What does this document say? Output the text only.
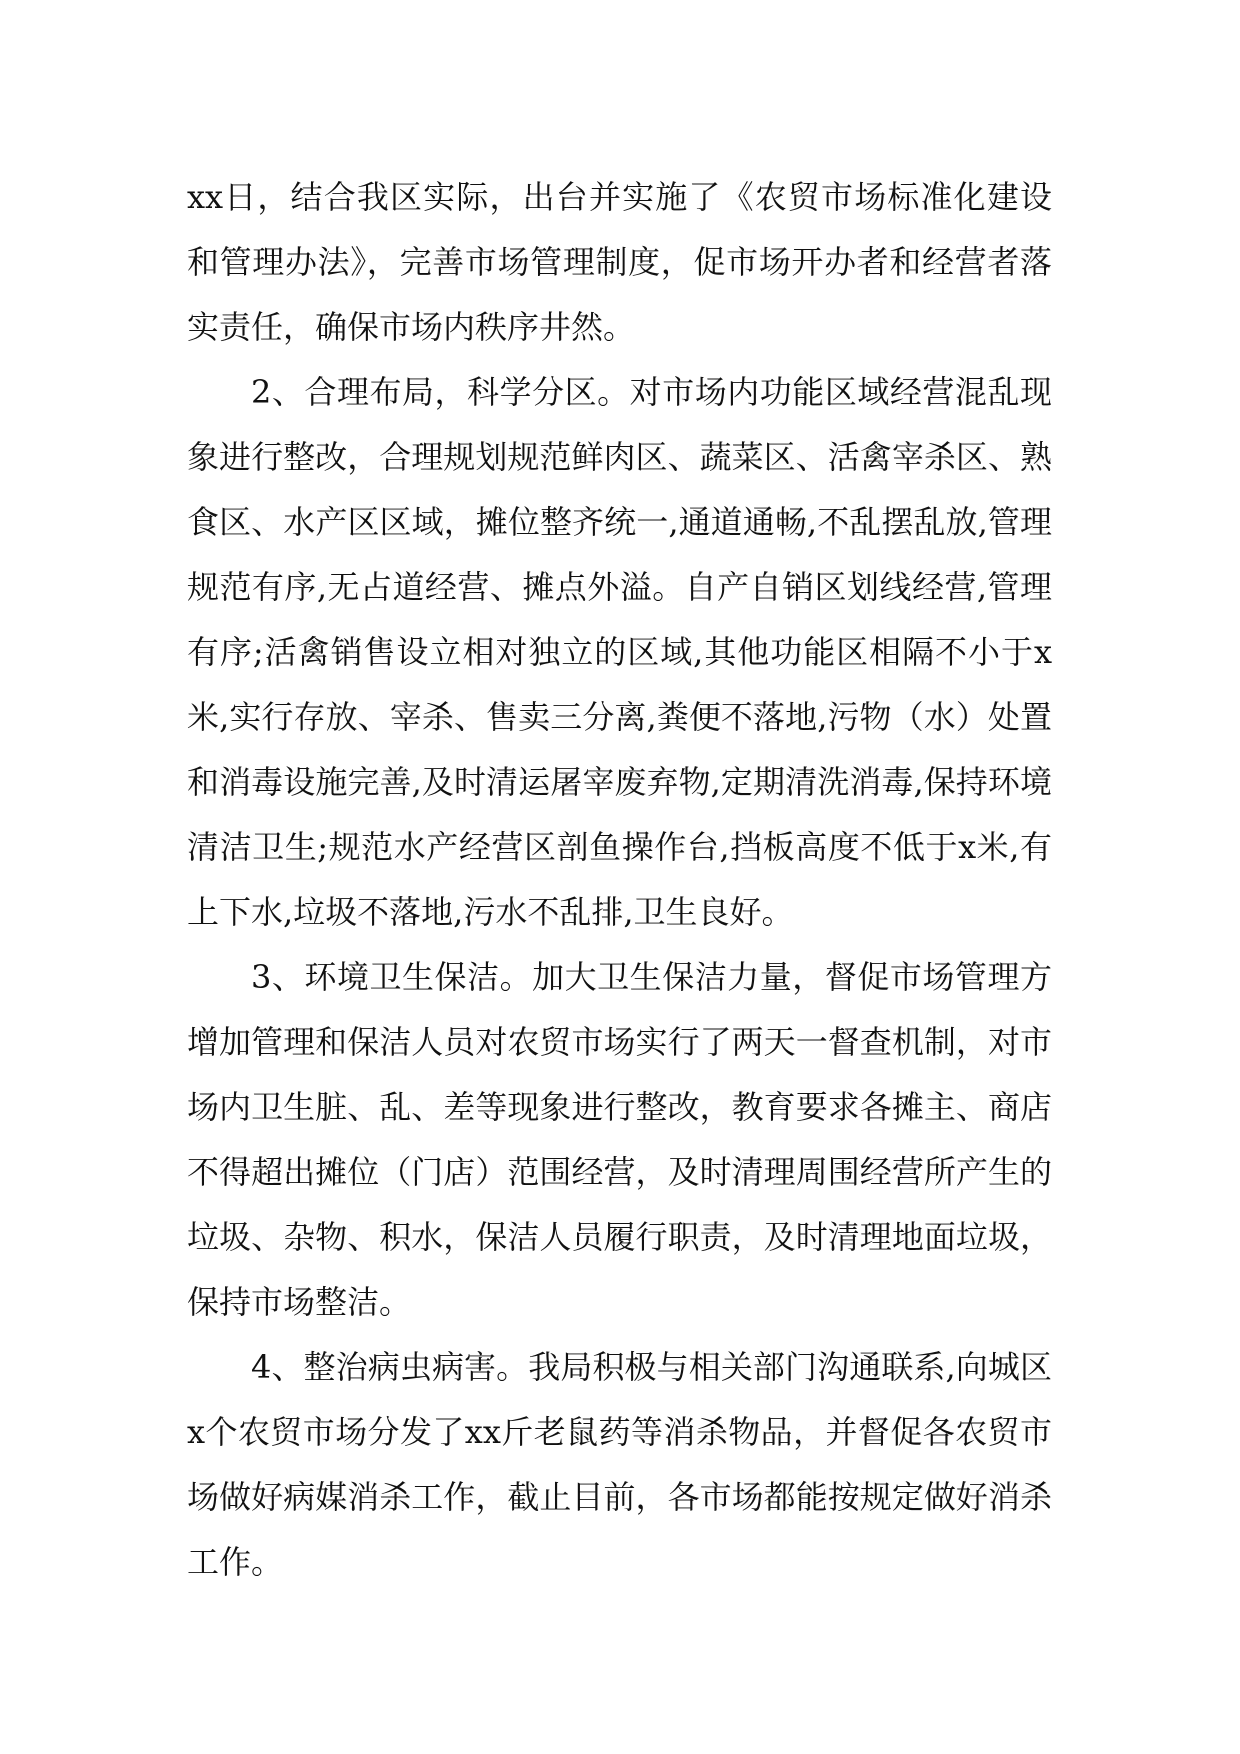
xx日，结合我区实际，出台并实施了《农贸市场标准化建设和管理办法》，完善市场管理制度，促市场开办者和经营者落实责任，确保市场内秩序井然。

2、合理布局，科学分区。对市场内功能区域经营混乱现象进行整改，合理规划规范鲜肉区、蔬菜区、活禽宰杀区、熟食区、水产区区域，摊位整齐统一,通道通畅,不乱摆乱放,管理规范有序,无占道经营、摊点外溢。自产自销区划线经营,管理有序;活禽销售设立相对独立的区域,其他功能区相隔不小于x米,实行存放、宰杀、售卖三分离,粪便不落地,污物（水）处置和消毒设施完善,及时清运屠宰废弃物,定期清洗消毒,保持环境清洁卫生;规范水产经营区剖鱼操作台,挡板高度不低于x米,有上下水,垃圾不落地,污水不乱排,卫生良好。

3、环境卫生保洁。加大卫生保洁力量，督促市场管理方增加管理和保洁人员对农贸市场实行了两天一督查机制，对市场内卫生脏、乱、差等现象进行整改，教育要求各摊主、商店不得超出摊位（门店）范围经营，及时清理周围经营所产生的垃圾、杂物、积水，保洁人员履行职责，及时清理地面垃圾，保持市场整洁。

4、整治病虫病害。我局积极与相关部门沟通联系,向城区x个农贸市场分发了xx斤老鼠药等消杀物品，并督促各农贸市场做好病媒消杀工作，截止目前，各市场都能按规定做好消杀工作。
